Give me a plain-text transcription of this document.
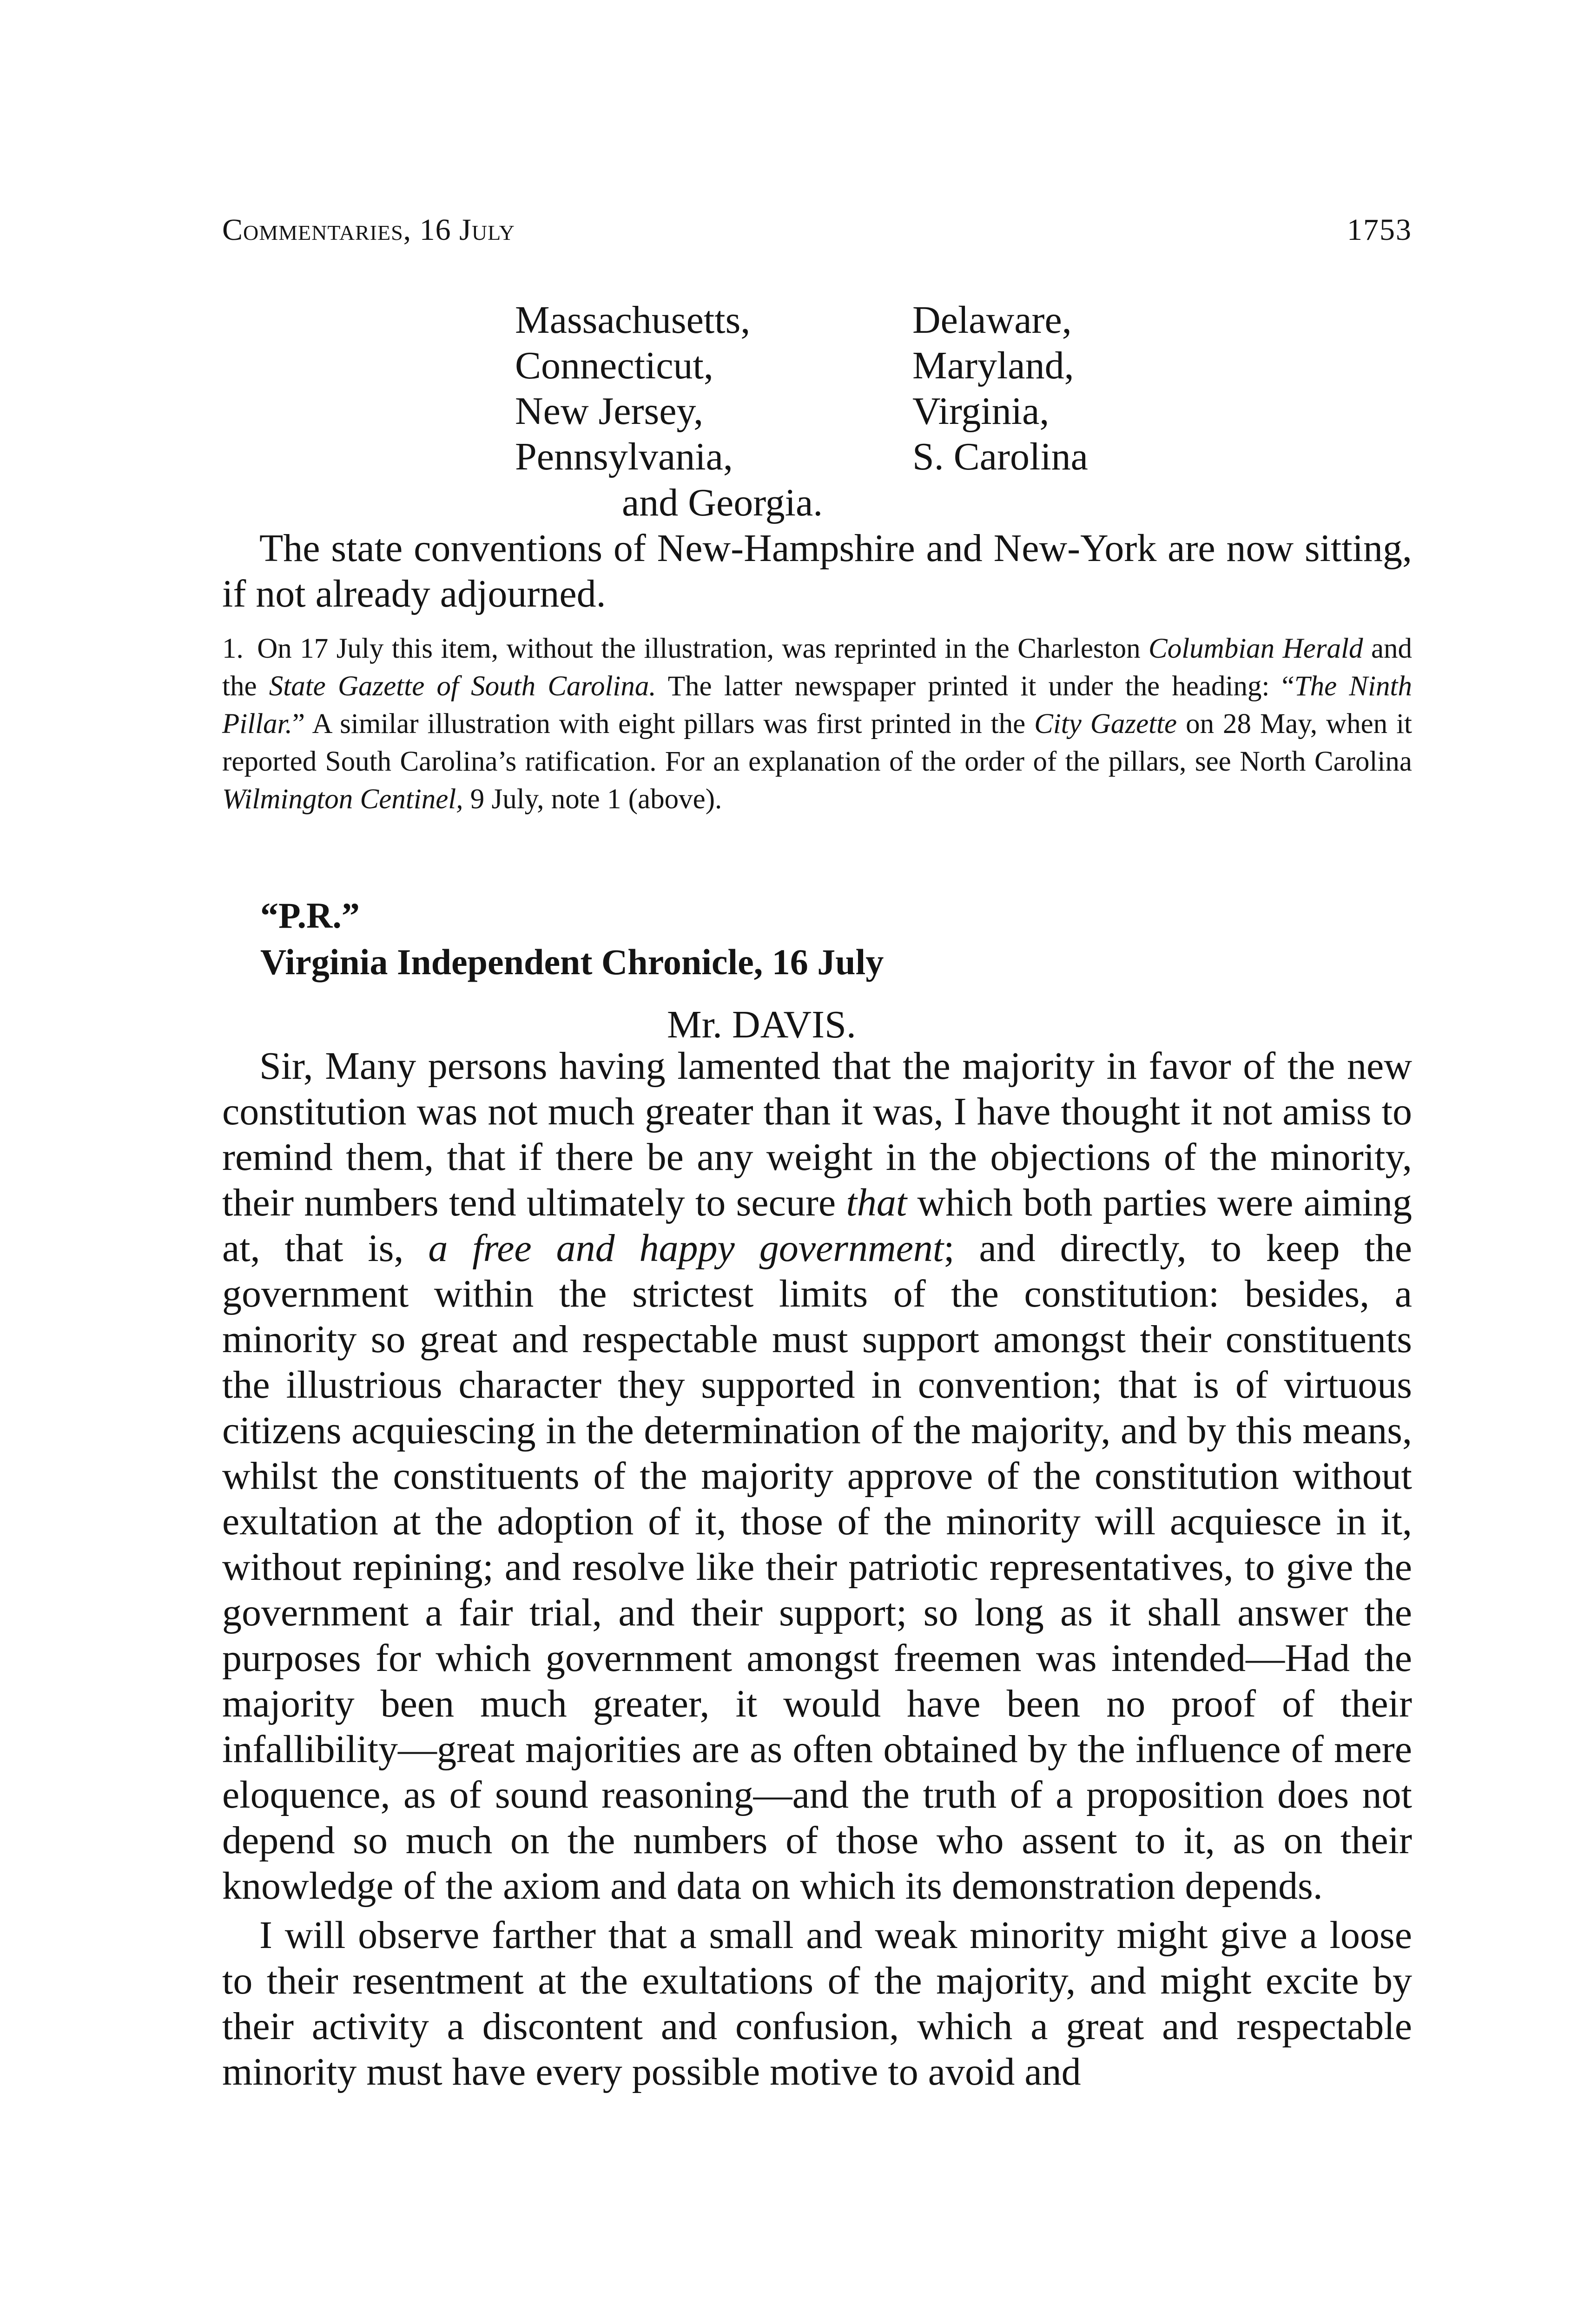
Commentaries, 16 July	1753
Massachusetts,	Delaware,
Connecticut,	Maryland,
New Jersey,	Virginia,
Pennsylvania,	S. Carolina
and Georgia.

The state conventions of New-Hampshire and New-York are now sitting, if not already adjourned.

1. On 17 July this item, without the illustration, was reprinted in the Charleston Columbian Herald and the State Gazette of South Carolina. The latter newspaper printed it under the heading: “The Ninth Pillar.” A similar illustration with eight pillars was first printed in the City Gazette on 28 May, when it reported South Carolina’s ratification. For an explanation of the order of the pillars, see North Carolina Wilmington Centinel, 9 July, note 1 (above).

“P.R.”
Virginia Independent Chronicle, 16 July
Mr. DAVIS.

Sir, Many persons having lamented that the majority in favor of the new constitution was not much greater than it was, I have thought it not amiss to remind them, that if there be any weight in the objections of the minority, their numbers tend ultimately to secure that which both parties were aiming at, that is, a free and happy government; and directly, to keep the government within the strictest limits of the constitution: besides, a minority so great and respectable must support amongst their constituents the illustrious character they supported in convention; that is of virtuous citizens acquiescing in the determination of the majority, and by this means, whilst the constituents of the majority approve of the constitution without exultation at the adoption of it, those of the minority will acquiesce in it, without repining; and resolve like their patriotic representatives, to give the government a fair trial, and their support; so long as it shall answer the purposes for which government amongst freemen was intended—Had the majority been much greater, it would have been no proof of their infallibility—great majorities are as often obtained by the influence of mere eloquence, as of sound reasoning—and the truth of a proposition does not depend so much on the numbers of those who assent to it, as on their knowledge of the axiom and data on which its demonstration depends.

I will observe farther that a small and weak minority might give a loose to their resentment at the exultations of the majority, and might excite by their activity a discontent and confusion, which a great and respectable minority must have every possible motive to avoid and
